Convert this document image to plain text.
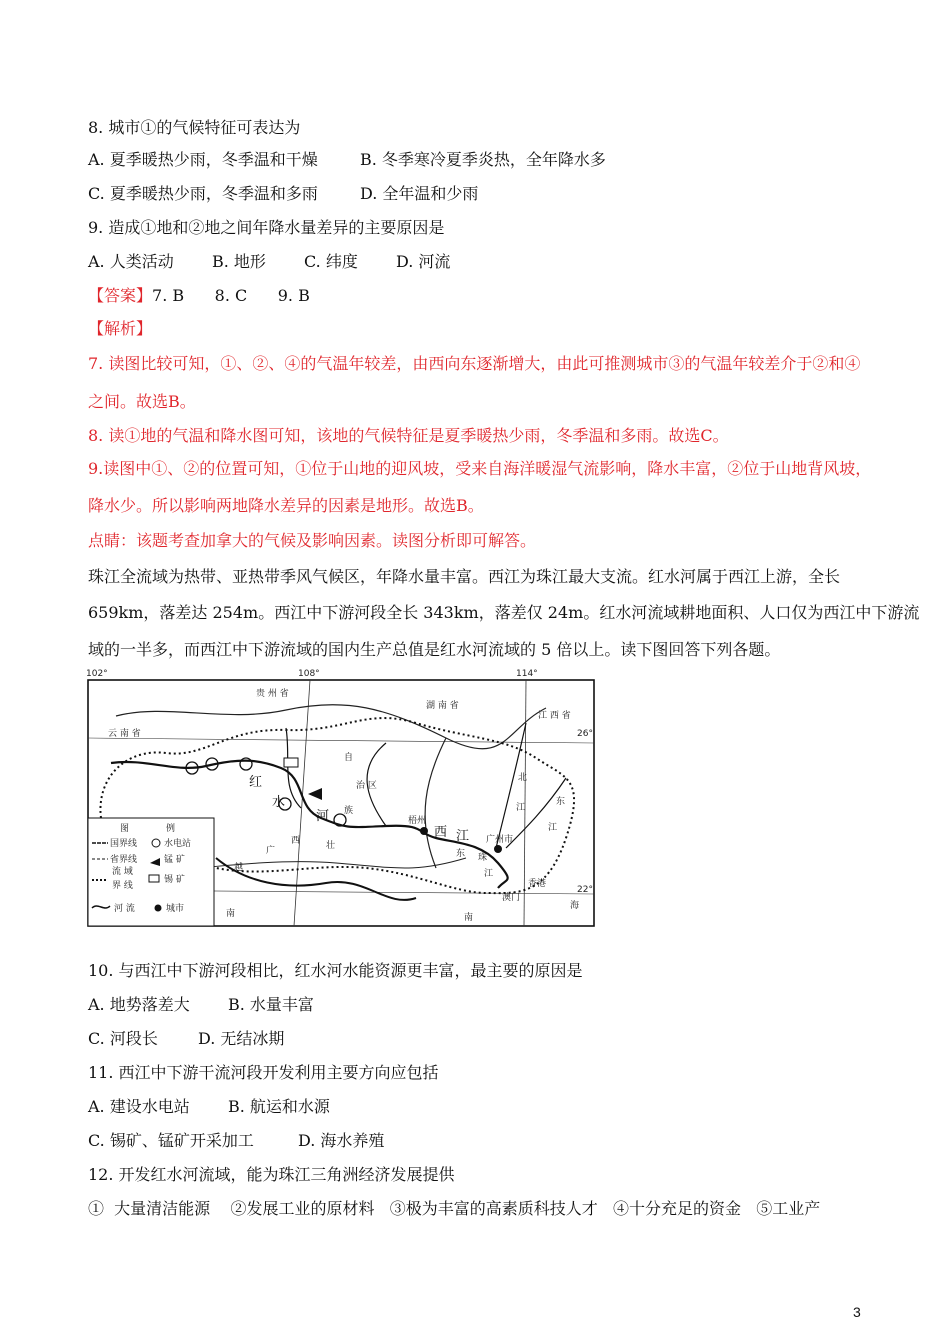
8. 城市①的气候特征可表达为
A. 夏季暖热少雨，冬季温和干燥	B. 冬季寒冷夏季炎热，全年降水多
C. 夏季暖热少雨，冬季温和多雨	D. 全年温和少雨
9. 造成①地和②地之间年降水量差异的主要原因是
A. 人类活动 B. 地形 C. 纬度 D. 河流
【答案】7. B      8. C      9. B
【解析】
7. 读图比较可知，①、②、④的气温年较差，由西向东逐渐增大，由此可推测城市③的气温年较差介于②和④
之间。故选B。
8. 读①地的气温和降水图可知，该地的气候特征是夏季暖热少雨，冬季温和多雨。故选C。
9.读图中①、②的位置可知，①位于山地的迎风坡，受来自海洋暖湿气流影响，降水丰富，②位于山地背风坡，
降水少。所以影响两地降水差异的因素是地形。故选B。
点睛：该题考查加拿大的气候及影响因素。读图分析即可解答。
珠江全流域为热带、亚热带季风气候区，年降水量丰富。西江为珠江最大支流。红水河属于西江上游，全长
659km，落差达 254m。西江中下游河段全长 343km，落差仅 24m。红水河流域耕地面积、人口仅为西江中下游流
域的一半多，而西江中下游流域的国内生产总值是红水河流域的 5 倍以上。读下图回答下列各题。
102°	108°	114°
26°
22°
贵 州 省
湖 南 省
江 西 省
云 南 省
自
治 区
广
西	壮
族
红
水
河
西 江
北
江
东
江
东 珠
江
梧州
广州市
香港
澳门
越
南	南
海
图	例
国界线	水电站
省界线	锰 矿
流 域
界 线
锡 矿
河 流	城市
10. 与西江中下游河段相比，红水河水能资源更丰富，最主要的原因是
A. 地势落差大 B. 水量丰富
C. 河段长	D. 无结冰期
11. 西江中下游干流河段开发利用主要方向应包括
A. 建设水电站 B. 航运和水源
C. 锡矿、锰矿开采加工	D. 海水养殖
12. 开发红水河流域，能为珠江三角洲经济发展提供
①  大量清洁能源    ②发展工业的原材料   ③极为丰富的高素质科技人才   ④十分充足的资金   ⑤工业产
3
